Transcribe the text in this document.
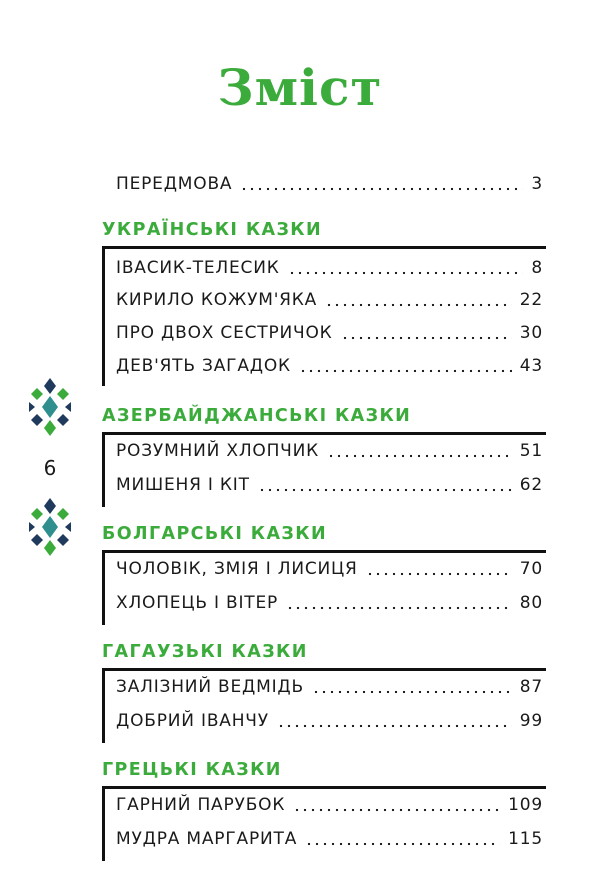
Зміст
ПЕРЕДМОВА	3
УКРАЇНСЬКІ КАЗКИ
ІВАСИК-ТЕЛЕСИК	8
КИРИЛО КОЖУМ'ЯКА	22
ПРО ДВОХ СЕСТРИЧОК	30
ДЕВ'ЯТЬ ЗАГАДОК	43
АЗЕРБАЙДЖАНСЬКІ КАЗКИ
РОЗУМНИЙ ХЛОПЧИК	51
МИШЕНЯ І КІТ	62
БОЛГАРСЬКІ КАЗКИ
ЧОЛОВІК, ЗМІЯ І ЛИСИЦЯ	70
ХЛОПЕЦЬ І ВІТЕР	80
ГАГАУЗЬКІ КАЗКИ
ЗАЛІЗНИЙ ВЕДМІДЬ	87
ДОБРИЙ ІВАНЧУ	99
ГРЕЦЬКІ КАЗКИ
ГАРНИЙ ПАРУБОК	109
МУДРА МАРГАРИТА	115
6
